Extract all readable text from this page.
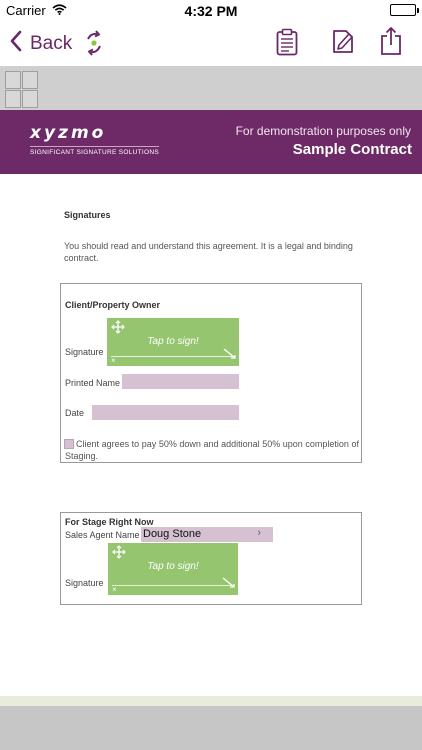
Carrier	4:32 PM
Back
xyzmo
SIGNIFICANT SIGNATURE SOLUTIONS
For demonstration purposes only
Sample Contract
Signatures
You should read and understand this agreement. It is a legal and binding contract.
Client/Property Owner
Signature
Tap to sign!
×
Printed Name
Date
Client agrees to pay 50% down and additional 50% upon completion of Staging.
For Stage Right Now
Sales Agent Name
Signature
Tap to sign!
×
Doug Stone	›
